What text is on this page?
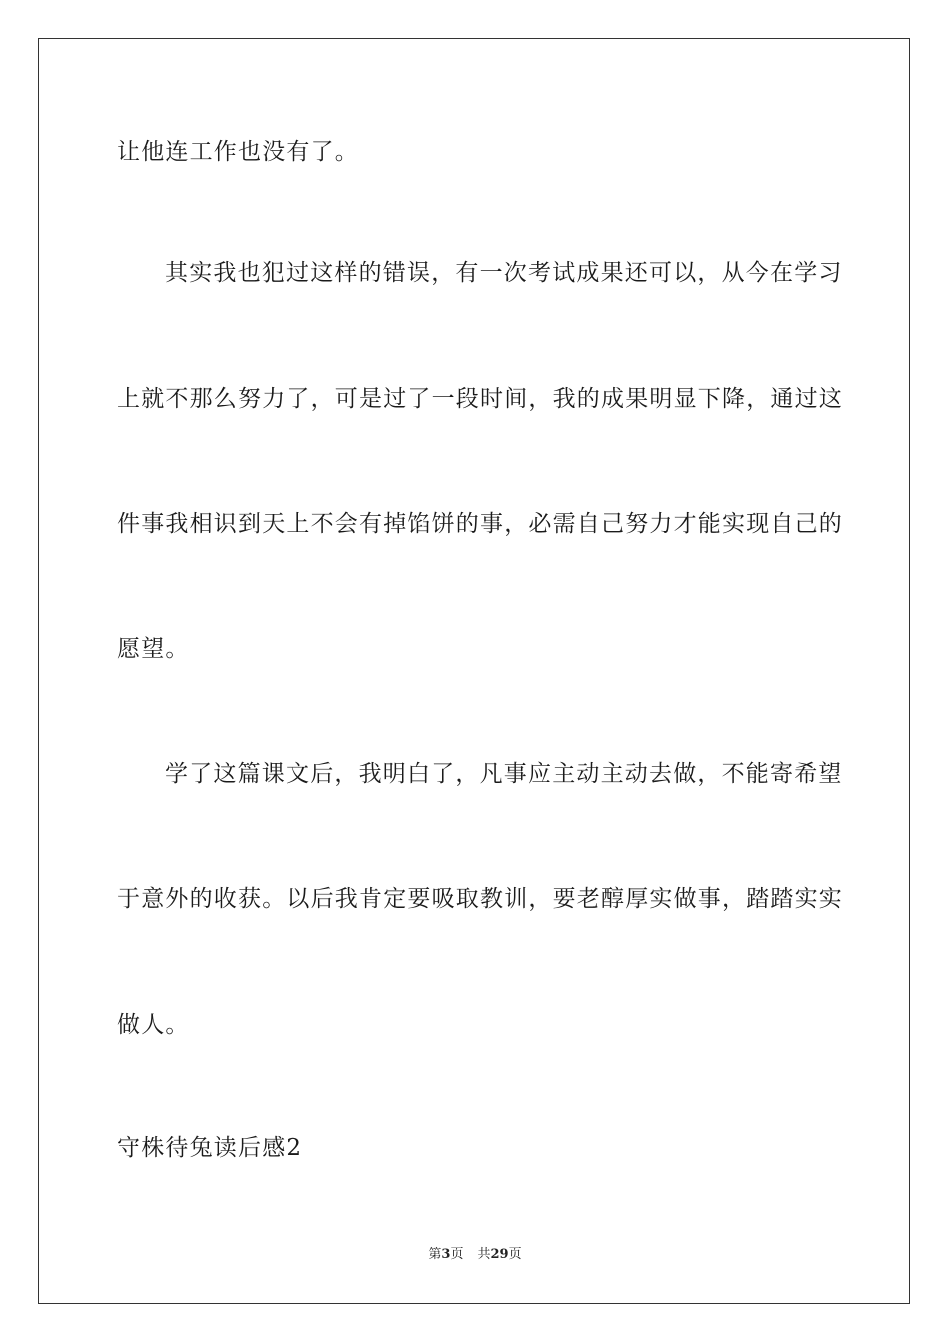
让他连工作也没有了。

其实我也犯过这样的错误，有一次考试成果还可以，从今在学习

上就不那么努力了，可是过了一段时间，我的成果明显下降，通过这

件事我相识到天上不会有掉馅饼的事，必需自己努力才能实现自己的

愿望。

学了这篇课文后，我明白了，凡事应主动主动去做，不能寄希望

于意外的收获。以后我肯定要吸取教训，要老醇厚实做事，踏踏实实

做人。

守株待兔读后感2

第3页 共29页
